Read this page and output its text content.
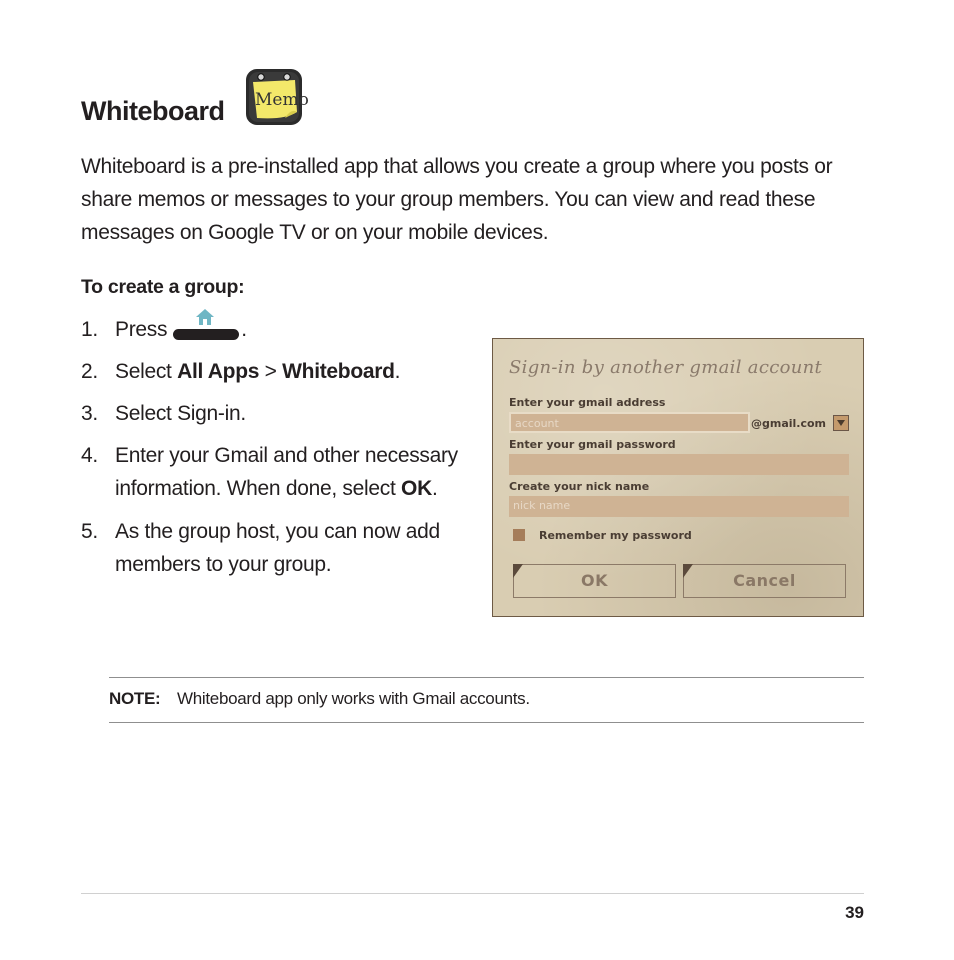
Whiteboard Memo
Whiteboard is a pre-installed app that allows you create a group where you posts or share memos or messages to your group members. You can view and read these messages on Google TV or on your mobile devices.
To create a group:
1. Press	.
2. Select All Apps > Whiteboard.
3. Select Sign-in.
4. Enter your Gmail and other necessary
information. When done, select OK.
5. As the group host, you can now add
members to your group.
Sign-in by another gmail account
Enter your gmail address
account	@gmail.com
Enter your gmail password
Create your nick name
nick name
Remember my password
OK	Cancel
NOTE: Whiteboard app only works with Gmail accounts.
39
